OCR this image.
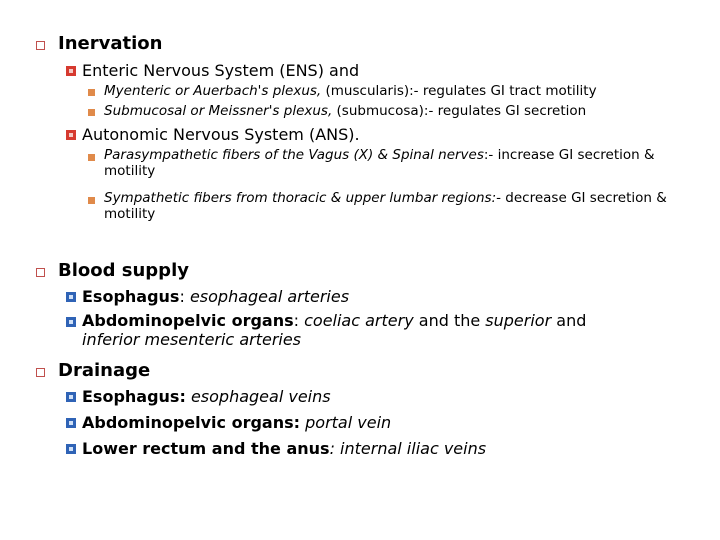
Inervation
Enteric Nervous System (ENS) and
Myenteric or Auerbach's plexus, (muscularis):- regulates GI tract motility
Submucosal or Meissner's plexus, (submucosa):- regulates GI secretion
Autonomic Nervous System (ANS).
Parasympathetic fibers of the Vagus (X) & Spinal nerves:- increase GI secretion & motility
Sympathetic fibers from thoracic & upper lumbar regions:- decrease GI secretion & motility
Blood supply
Esophagus: esophageal arteries
Abdominopelvic organs: coeliac artery and the superior and inferior mesenteric arteries
Drainage
Esophagus: esophageal veins
Abdominopelvic organs: portal vein
Lower rectum and the anus: internal iliac veins
